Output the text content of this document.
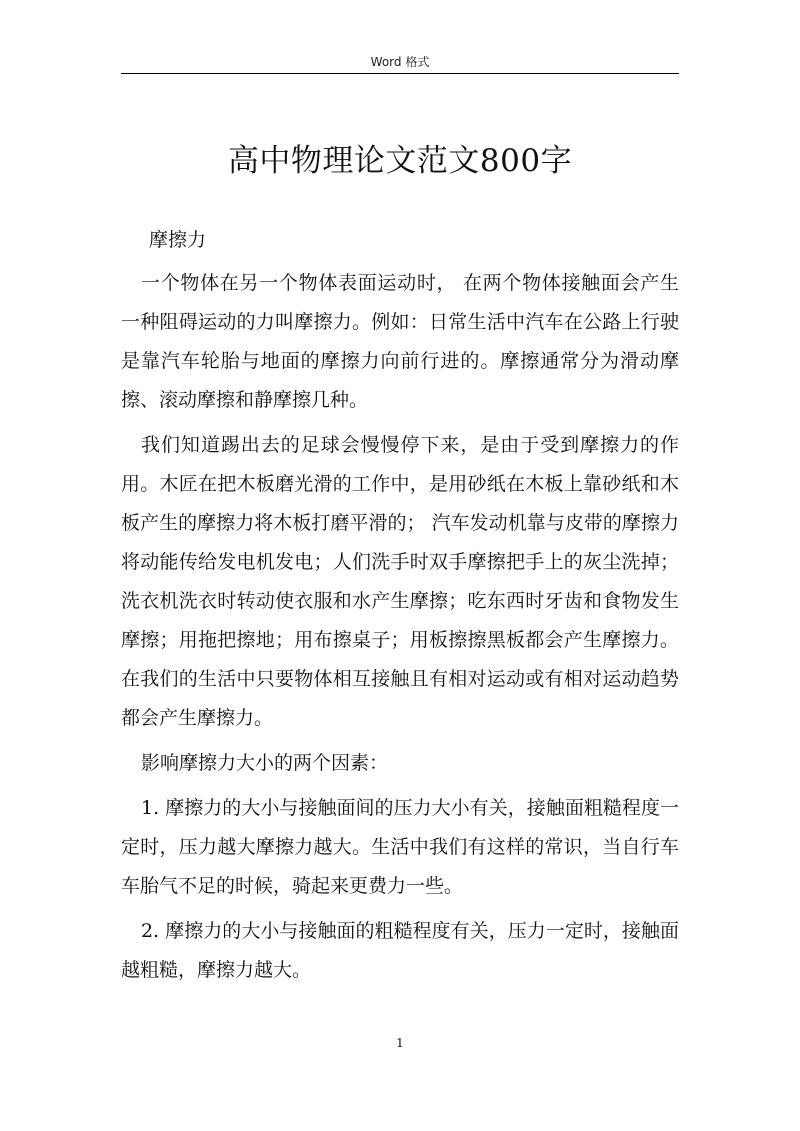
Word 格式
高中物理论文范文800字

摩擦力

一个物体在另一个物体表面运动时， 在两个物体接触面会产生一种阻碍运动的力叫摩擦力。例如：日常生活中汽车在公路上行驶是靠汽车轮胎与地面的摩擦力向前行进的。摩擦通常分为滑动摩擦、滚动摩擦和静摩擦几种。

我们知道踢出去的足球会慢慢停下来，是由于受到摩擦力的作用。木匠在把木板磨光滑的工作中，是用砂纸在木板上靠砂纸和木板产生的摩擦力将木板打磨平滑的； 汽车发动机靠与皮带的摩擦力将动能传给发电机发电；人们洗手时双手摩擦把手上的灰尘洗掉；洗衣机洗衣时转动使衣服和水产生摩擦；吃东西时牙齿和食物发生摩擦；用拖把擦地；用布擦桌子；用板擦擦黑板都会产生摩擦力。在我们的生活中只要物体相互接触且有相对运动或有相对运动趋势都会产生摩擦力。

影响摩擦力大小的两个因素：

1. 摩擦力的大小与接触面间的压力大小有关，接触面粗糙程度一定时，压力越大摩擦力越大。生活中我们有这样的常识，当自行车车胎气不足的时候，骑起来更费力一些。

2. 摩擦力的大小与接触面的粗糙程度有关，压力一定时，接触面越粗糙，摩擦力越大。

1
